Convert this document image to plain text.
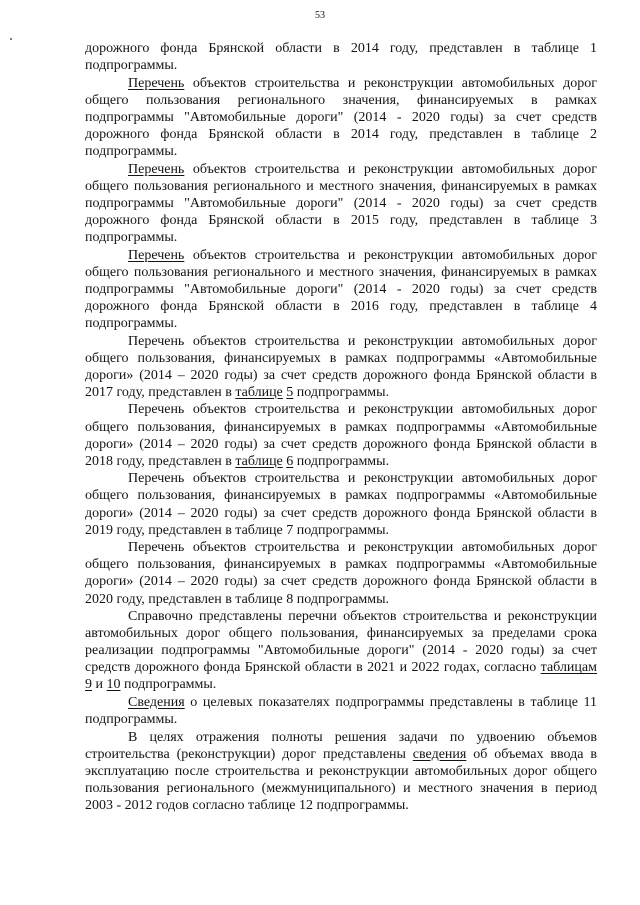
53

дорожного фонда Брянской области в 2014 году, представлен в таблице 1 подпрограммы.

Перечень объектов строительства и реконструкции автомобильных дорог общего пользования регионального значения, финансируемых в рамках подпрограммы "Автомобильные дороги" (2014 - 2020 годы) за счет средств дорожного фонда Брянской области в 2014 году, представлен в таблице 2 подпрограммы.

Перечень объектов строительства и реконструкции автомобильных дорог общего пользования регионального и местного значения, финансируемых в рамках подпрограммы "Автомобильные дороги" (2014 - 2020 годы) за счет средств дорожного фонда Брянской области в 2015 году, представлен в таблице 3 подпрограммы.

Перечень объектов строительства и реконструкции автомобильных дорог общего пользования регионального и местного значения, финансируемых в рамках подпрограммы "Автомобильные дороги" (2014 - 2020 годы) за счет средств дорожного фонда Брянской области в 2016 году, представлен в таблице 4 подпрограммы.

Перечень объектов строительства и реконструкции автомобильных дорог общего пользования, финансируемых в рамках подпрограммы «Автомобильные дороги» (2014 – 2020 годы) за счет средств дорожного фонда Брянской области в 2017 году, представлен в таблице 5 подпрограммы.

Перечень объектов строительства и реконструкции автомобильных дорог общего пользования, финансируемых в рамках подпрограммы «Автомобильные дороги» (2014 – 2020 годы) за счет средств дорожного фонда Брянской области в 2018 году, представлен в таблице 6 подпрограммы.

Перечень объектов строительства и реконструкции автомобильных дорог общего пользования, финансируемых в рамках подпрограммы «Автомобильные дороги» (2014 – 2020 годы) за счет средств дорожного фонда Брянской области в 2019 году, представлен в таблице 7 подпрограммы.

Перечень объектов строительства и реконструкции автомобильных дорог общего пользования, финансируемых в рамках подпрограммы «Автомобильные дороги» (2014 – 2020 годы) за счет средств дорожного фонда Брянской области в 2020 году, представлен в таблице 8 подпрограммы.

Справочно представлены перечни объектов строительства и реконструкции автомобильных дорог общего пользования, финансируемых за пределами срока реализации подпрограммы "Автомобильные дороги" (2014 - 2020 годы) за счет средств дорожного фонда Брянской области в 2021 и 2022 годах, согласно таблицам 9 и 10 подпрограммы.

Сведения о целевых показателях подпрограммы представлены в таблице 11 подпрограммы.

В целях отражения полноты решения задачи по удвоению объемов строительства (реконструкции) дорог представлены сведения об объемах ввода в эксплуатацию после строительства и реконструкции автомобильных дорог общего пользования регионального (межмуниципального) и местного значения в период 2003 - 2012 годов согласно таблице 12 подпрограммы.
